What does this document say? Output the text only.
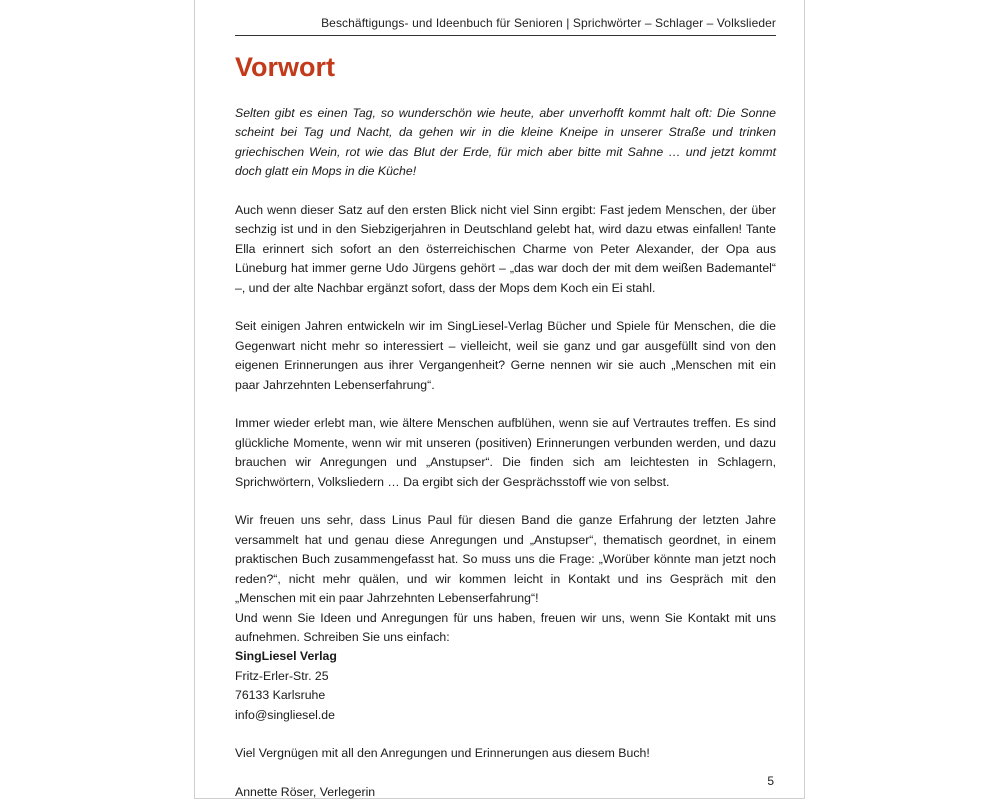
Beschäftigungs- und Ideenbuch für Senioren | Sprichwörter – Schlager – Volkslieder
Vorwort

Selten gibt es einen Tag, so wunderschön wie heute, aber unverhofft kommt halt oft: Die Sonne scheint bei Tag und Nacht, da gehen wir in die kleine Kneipe in unserer Straße und trinken griechischen Wein, rot wie das Blut der Erde, für mich aber bitte mit Sahne … und jetzt kommt doch glatt ein Mops in die Küche!

Auch wenn dieser Satz auf den ersten Blick nicht viel Sinn ergibt: Fast jedem Menschen, der über sechzig ist und in den Siebzigerjahren in Deutschland gelebt hat, wird dazu etwas einfallen! Tante Ella erinnert sich sofort an den österreichischen Charme von Peter Alexander, der Opa aus Lüneburg hat immer gerne Udo Jürgens gehört – „das war doch der mit dem weißen Bademantel“ –, und der alte Nachbar ergänzt sofort, dass der Mops dem Koch ein Ei stahl.

Seit einigen Jahren entwickeln wir im SingLiesel-Verlag Bücher und Spiele für Menschen, die die Gegenwart nicht mehr so interessiert – vielleicht, weil sie ganz und gar ausgefüllt sind von den eigenen Erinnerungen aus ihrer Vergangenheit? Gerne nennen wir sie auch „Menschen mit ein paar Jahrzehnten Lebenserfahrung“.

Immer wieder erlebt man, wie ältere Menschen aufblühen, wenn sie auf Vertrautes treffen. Es sind glückliche Momente, wenn wir mit unseren (positiven) Erinnerungen verbunden werden, und dazu brauchen wir Anregungen und „Anstupser“. Die finden sich am leichtesten in Schlagern, Sprichwörtern, Volksliedern … Da ergibt sich der Gesprächsstoff wie von selbst.

Wir freuen uns sehr, dass Linus Paul für diesen Band die ganze Erfahrung der letzten Jahre versammelt hat und genau diese Anregungen und „Anstupser“, thematisch geordnet, in einem praktischen Buch zusammengefasst hat. So muss uns die Frage: „Worüber könnte man jetzt noch reden?“, nicht mehr quälen, und wir kommen leicht in Kontakt und ins Gespräch mit den „Menschen mit ein paar Jahrzehnten Lebenserfahrung“!

Und wenn Sie Ideen und Anregungen für uns haben, freuen wir uns, wenn Sie Kontakt mit uns aufnehmen. Schreiben Sie uns einfach:

SingLiesel Verlag

Fritz-Erler-Str. 25

76133 Karlsruhe

info@singliesel.de

Viel Vergnügen mit all den Anregungen und Erinnerungen aus diesem Buch!

Annette Röser, Verlegerin

5
